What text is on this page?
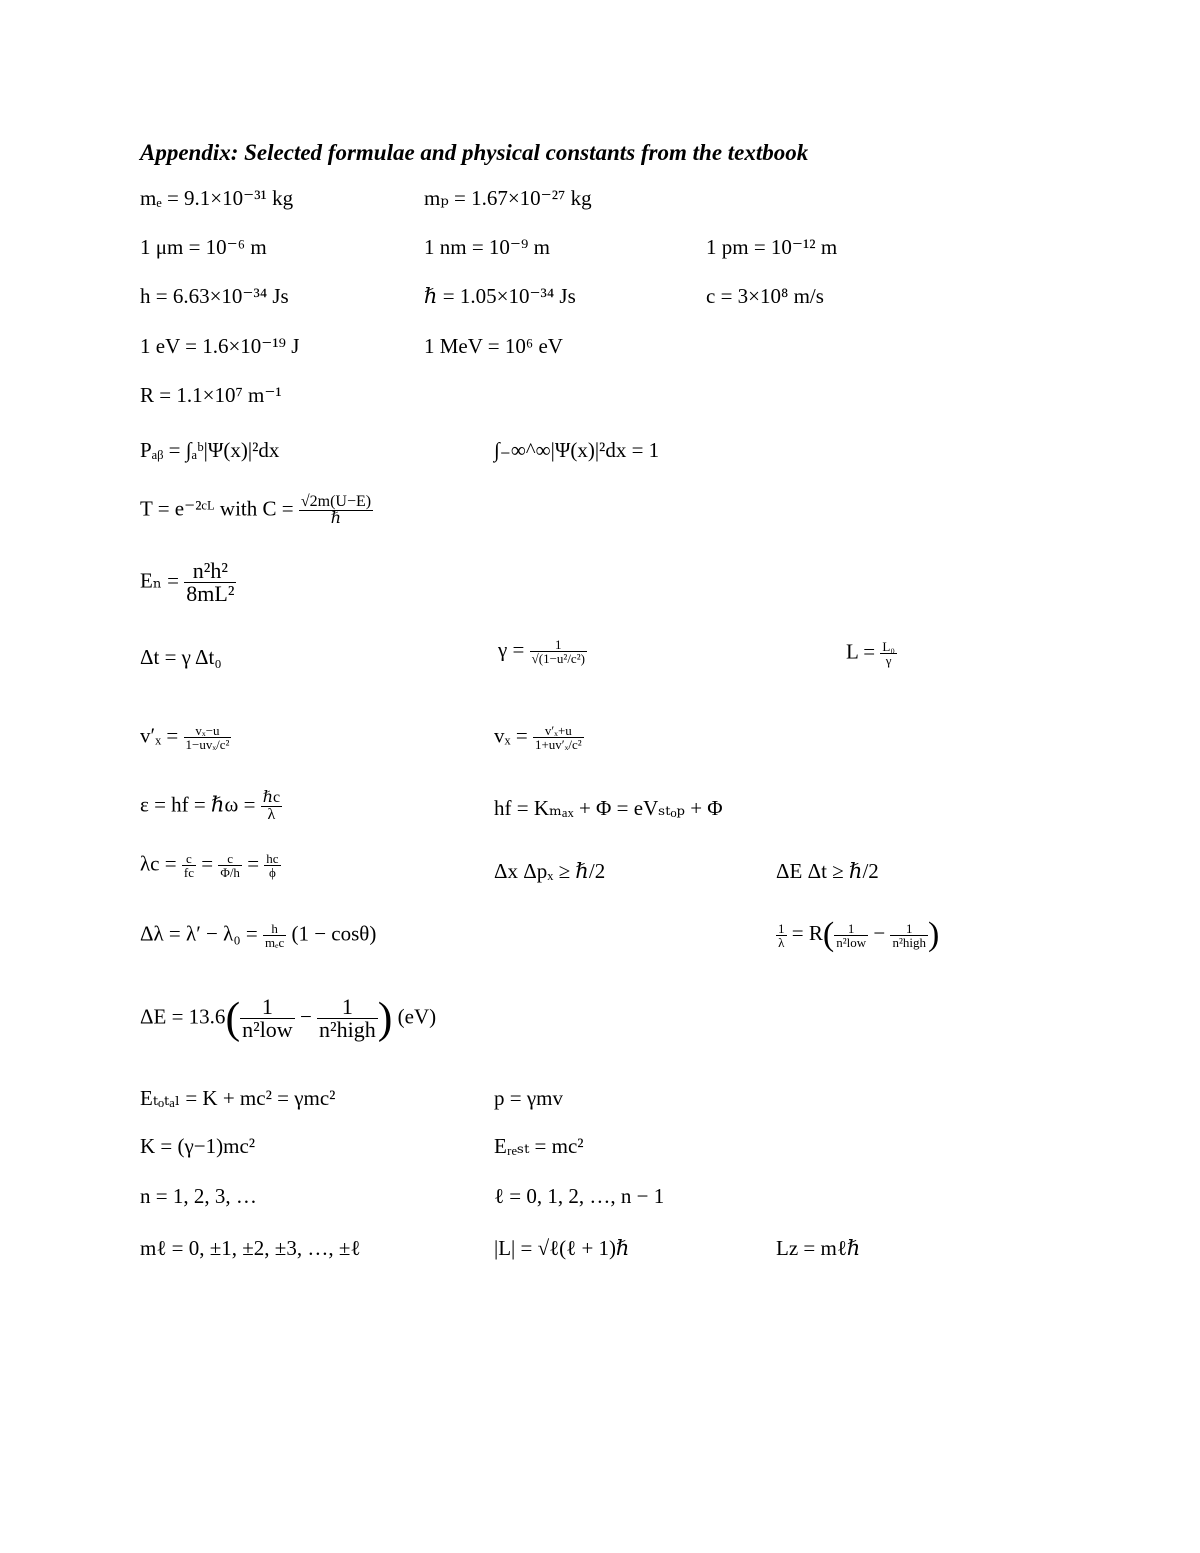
Appendix: Selected formulae and physical constants from the textbook
mₑ = 9.1×10⁻³¹ kg	mₚ = 1.67×10⁻²⁷ kg
1 μm = 10⁻⁶ m	1 nm = 10⁻⁹ m	1 pm = 10⁻¹² m
h = 6.63×10⁻³⁴ Js	ℏ = 1.05×10⁻³⁴ Js	c = 3×10⁸ m/s
1 eV = 1.6×10⁻¹⁹ J	1 MeV = 10⁶ eV
R = 1.1×10⁷ m⁻¹
Pₐᵦ = ∫ₐᵇ|Ψ(x)|²dx	∫₋∞^∞|Ψ(x)|²dx = 1
T = e⁻²ᶜᴸ with $C = \frac{√2m(U-E)}{\text{ℏ}}$
$E_n = \frac{\text{n²h²}}{\text{8mL²}}$
Δt = γ Δt₀	$\gamma = \frac{1}{\text{√(1−u²/c²)}}$	$L = \frac{\text{L₀}}{\gamma}$
$v'_x = \frac{\text{vₓ−u}}{\text{1−uvₓ/c²}}$	$v_x = \frac{\text{v′ₓ+u}}{\text{1+uv′ₓ/c²}}$
ε = hf = ℏω = $\frac{\text{ℏc}}{\lambda}$	hf = Kₘₐₓ + Φ = eVₛₜₒₚ + Φ
$\lambda c = \frac{c}{fc} = \frac{c}{\Phi/h} = \frac{hc}{\phi}$	Δx Δpₓ ≥ ℏ/2	ΔE Δt ≥ ℏ/2
$\Delta\lambda = \lambda' - \lambda_0 = \frac{h}{\text{mₑc}} (1 - \cos\theta)$	$\frac{1}{\lambda} = R( \frac{1}{\text{n²low}} - \frac{1}{\text{n²high}}$ )
$\Delta E = 13.6( \frac{1}{\text{n²low}} - \frac{1}{\text{n²high}}$ ) (eV)
Eₜₒₜₐₗ = K + mc² = γmc²	p = γmv
K = (γ−1)mc²	Eᵣₑₛₜ = mc²
n = 1, 2, 3, …	ℓ = 0, 1, 2, …, n − 1
mℓ = 0, ±1, ±2, ±3, …, ±ℓ	|L| = √ℓ(ℓ + 1)ℏ	Lz = mℓℏ
